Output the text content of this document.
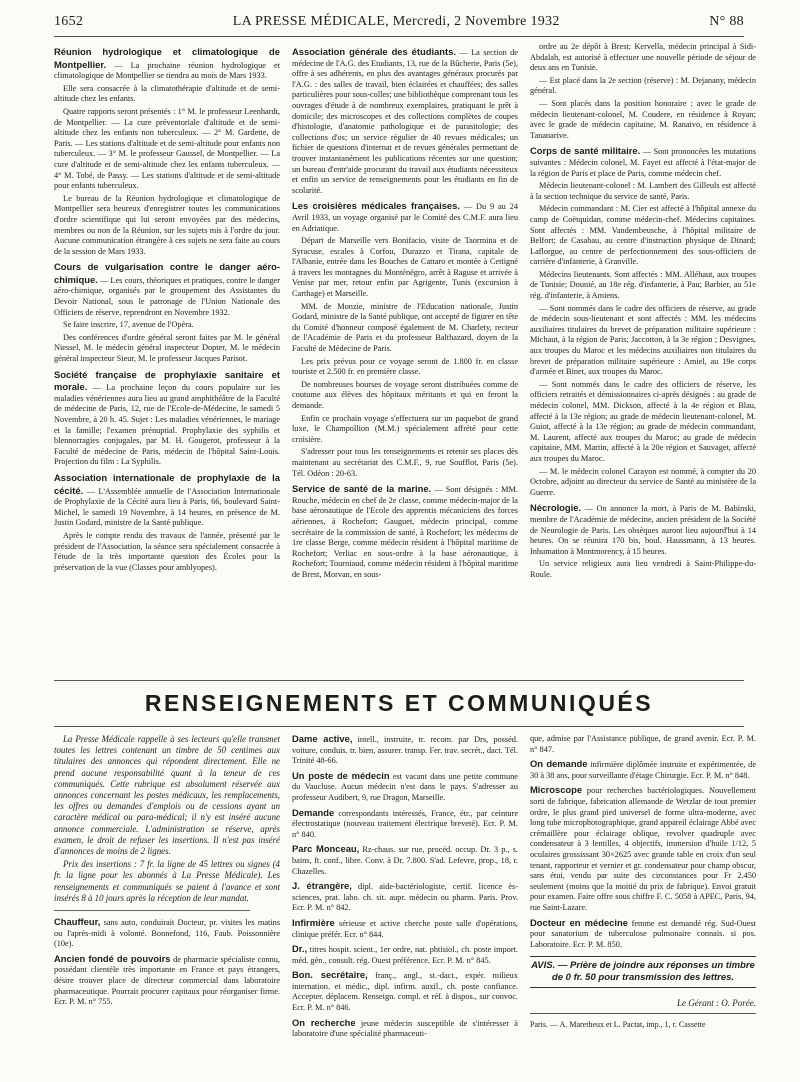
1652	LA PRESSE MÉDICALE, Mercredi, 2 Novembre 1932	N° 88

Réunion hydrologique et climatologique de Montpellier. — La prochaine réunion hydrologique et climatologique de Montpellier se tiendra au mois de Mars 1933.

Elle sera consacrée à la climatothérapie d'altitude et de semi-altitude chez les enfants.

Quatre rapports seront présentés : 1° M. le professeur Leenhardt, de Montpellier. — La cure préventoriale d'altitude et de semi-altitude chez les enfants non tuberculeux. — 2° M. Gardette, de Paris. — Les stations d'altitude et de semi-altitude pour enfants non tuberculeux. — 3° M. le professeur Gaussel, de Montpellier. — La cure d'altitude et de semi-altitude chez les enfants tuberculeux. — 4° M. Tobé, de Passy. — Les stations d'altitude et de semi-altitude pour enfants tuberculeux.

Le bureau de la Réunion hydrologique et climatologique de Montpellier sera heureux d'enregistrer toutes les communications d'ordre scientifique qui lui seront envoyées par des médecins, membres ou non de la Réunion, sur les sujets mis à l'ordre du jour. Aucune communication étrangère à ces sujets ne sera faite au cours de la session de Mars 1933.

Cours de vulgarisation contre le danger aéro-chimique. — Les cours, théoriques et pratiques, contre le danger aéro-chimique, organisés par le groupement des Assistantes du Devoir National, sous le patronage de l'Union Nationale des Officiers de réserve, reprendront en Novembre 1932.

Se faire inscrire, 17, avenue de l'Opéra.

Des conférences d'ordre général seront faites par M. le général Niessel, M. le médecin général inspecteur Dopter, M. le médecin général inspecteur Sieur, M. le professeur Jacques Parisot.

Société française de prophylaxie sanitaire et morale. — La prochaine leçon du cours populaire sur les maladies vénériennes aura lieu au grand amphithéâtre de la Faculté de médecine de Paris, 12, rue de l'Ecole-de-Médecine, le samedi 5 Novembre, à 20 h. 45. Sujet : Les maladies vénériennes, le mariage et la famille; l'examen prénuptial. Prophylaxie des syphilis et blennorragies conjugales, par M. H. Gougerot, professeur à la Faculté de médecine de Paris, médecin de l'hôpital Saint-Louis. Projection du film : La Syphilis.

Association internationale de prophylaxie de la cécité. — L'Assemblée annuelle de l'Association Internationale de Prophylaxie de la Cécité aura lieu à Paris, 66, boulevard Saint-Michel, le samedi 19 Novembre, à 14 heures, en présence de M. Justin Godard, ministre de la Santé publique.

Après le compte rendu des travaux de l'année, présenté par le président de l'Association, la séance sera spécialement consacrée à l'étude de la très importante question des Écoles pour la préservation de la vue (Classes pour amblyopes).

Association générale des étudiants. — La section de médecine de l'A.G. des Etudiants, 13, rue de la Bûcherie, Paris (5e), offre à ses adhérents, en plus des avantages généraux procurés par l'A.G. : des salles de travail, bien éclairées et chauffées; des salles particulières pour sous-colles; une bibliothèque comprenant tous les ouvrages d'étude à de nombreux exemplaires, pratiquant le prêt à domicile; des microscopes et des collections complètes de coupes d'histologie, d'anatomie pathologique et de parasitologie; des collections d'os; un service régulier de 40 revues médicales; un fichier de questions d'internat et de revues générales permettant de trouver instantanément les publications récentes sur une question; un bureau d'entr'aide procurant du travail aux étudiants nécessiteux et enfin un service de renseignements pour les étudiants en fin de scolarité.

Les croisières médicales françaises. — Du 9 au 24 Avril 1933, un voyage organisé par le Comité des C.M.F. aura lieu en Adriatique.

Départ de Marseille vers Bonifacio, visite de Taormina et de Syracuse, escales à Corfou, Durazzo et Tirana, capitale de l'Albanie, entrée dans les Bouches de Cattaro et montée à Cettigné à travers les montagnes du Monténégro, arrêt à Raguse et arrivée à Venise par mer, retour enfin par Agrigente, Tunis (excursion à Carthage) et Marseille.

MM. de Monzie, ministre de l'Education nationale, Justin Godard, ministre de la Santé publique, ont accepté de figurer en tête du Comité d'honneur composé également de M. Charlety, recteur de l'Académie de Paris et du professeur Balthazard, doyen de la Faculté de Médecine de Paris.

Les prix prévus pour ce voyage seront de 1.800 fr. en classe touriste et 2.500 fr. en première classe.

De nombreuses bourses de voyage seront distribuées comme de coutume aux élèves des hôpitaux méritants et qui en feront la demande.

Enfin ce prochain voyage s'effectuera sur un paquebot de grand luxe, le Champollion (M.M.) spécialement affrété pour cette croisière.

S'adresser pour tous les renseignements et retenir ses places dès maintenant au secrétariat des C.M.F., 9, rue Soufflot, Paris (5e). Tél. Odéon : 20-63.

Service de santé de la marine. — Sont désignés : MM. Rouche, médecin en chef de 2e classe, comme médecin-major de la base aéronautique de l'Ecole des apprentis mécaniciens des forces aériennes, à Rochefort; Gauguet, médecin principal, comme secrétaire de la commission de santé, à Rochefort; les médecins de 1re classe Berge, comme médecin résident à l'hôpital maritime de Rochefort; Verliac en sous-ordre à la base aéronautique, à Rochefort; Tourniaud, comme médecin résident à l'hôpital maritime de Brest, Morvan, en sous-

ordre au 2e dépôt à Brest; Kervella, médecin principal à Sidi-Abdalah, est autorisé à effectuer une nouvelle période de séjour de deux ans en Tunisie.

— Est placé dans la 2e section (réserve) : M. Dejanany, médecin général.

— Sont placés dans la position honoraire : avec le grade de médecin lieutenant-colonel, M. Coudere, en résidence à Royan; avec le grade de médecin capitaine, M. Ranaivo, en résidence à Tananarive.

Corps de santé militaire. — Sont prononcées les mutations suivantes : Médecin colonel, M. Fayet est affecté à l'état-major de la région de Paris et place de Paris, comme médecin chef.

Médecin lieutenant-colonel : M. Lambert des Gilleuls est affecté à la section technique du service de santé, Paris.

Médecin commandant : M. Cier est affecté à l'hôpital annexe du camp de Coëtquidan, comme médecin-chef. Médecins capitaines. Sont affectés : MM. Vandembeusche, à l'hôpital militaire de Belfort; de Casabau, au centre d'instruction physique de Dinard; Laflorgue, au centre de perfectionnement des sous-officiers de carrière d'infanterie, à Granville.

Médecins lieutenants. Sont affectés : MM. Alléhaut, aux troupes de Tunisie; Dounié, au 18e rég. d'infanterie, à Pau; Barbier, au 51e rég. d'infanterie, à Amiens.

— Sont nommés dans le cadre des officiers de réserve, au grade de médecin sous-lieutenant et sont affectés : MM. les médecins auxiliaires titulaires du brevet de préparation militaire supérieure : Michaut, à la région de Paris; Jaccotton, à la 3e région ; Desvignes, aux troupes du Maroc et les médecins auxiliaires non titulaires du brevet de préparation militaire supérieure : Amiel, au 19e corps d'armée et Binet, aux troupes du Maroc.

— Sont nommés dans le cadre des officiers de réserve, les officiers retraités et démissionnaires ci-après désignés : au grade de médecin colonel, MM. Dickson, affecté à la 4e région et Blau, affecté à la 13e région; au grade de médecin lieutenant-colonel, M. Guiot, affecté à la 13e région; au grade de médecin commandant, M. Laurent, affecté aux troupes du Maroc; au grade de médecin capitaine, MM. Martin, affecté à la 20e région et Sauvaget, affecté aux troupes du Maroc.

— M. le médecin colonel Carayon est nommé, à compter du 20 Octobre, adjoint au directeur du service de Santé au ministère de la Guerre.

Nécrologie. — On annonce la mort, à Paris de M. Babinski, membre de l'Académie de médecine, ancien président de la Société de Neurologie de Paris. Les obsèques auront lieu aujourd'hui à 14 heures. On se réunira 170 bis, boul. Haussmann, à 13 heures. Inhumation à Montmorency, à 15 heures.

Un service religieux aura lieu vendredi à Saint-Philippe-du-Roule.

RENSEIGNEMENTS ET COMMUNIQUÉS

La Presse Médicale rappelle à ses lecteurs qu'elle transmet toutes les lettres contenant un timbre de 50 centimes aux titulaires des annonces qui répondent directement. Elle ne prend aucune responsabilité quant à la teneur de ces communiqués. Cette rubrique est absolument réservée aux annonces concernant les postes médicaux, les remplacements, les offres ou demandes d'emplois ou de cessions ayant un caractère médical ou para-médical; il n'y est inséré aucune annonce commerciale. L'administration se réserve, après examen, le droit de refuser les insertions. Il n'est pas inséré d'annonces de moins de 2 lignes.

Prix des insertions : 7 fr. la ligne de 45 lettres ou signes (4 fr. la ligne pour les abonnés à La Presse Médicale). Les renseignements et communiqués se paient à l'avance et sont insérés 8 à 10 jours après la réception de leur mandat.

Chauffeur, sans auto, conduirait Docteur, pr. visites les matins ou l'après-midi à volonté. Bonnefond, 116, Faub. Poissonnière (10e).

Ancien fondé de pouvoirs de pharmacie spécialiste connu, possédant clientèle très importante en France et pays étrangers, désire trouver place de directeur commercial dans laboratoire pharmaceutique. Pourrait procurer capitaux pour réorganiser firme. Ecr. P. M. n° 755.

Dame active, intell., instruite, tr. recom. par Drs, posséd. voiture, conduis. tr. bien, assurer. transp. Fer. trav. secrét., dact. Tél. Trinité 48-66.

Un poste de médecin est vacant dans une petite commune du Vaucluse. Aucun médecin n'est dans le pays. S'adresser au professeur Audibert, 9, rue Dragon, Marseille.

Demande correspondants intéressés, France, étr., par ceinture électrostatique (nouveau traitement électrique breveté). Ecr. P. M. n° 840.

Parc Monceau, Rz-chaus. sur rue, procéd. occup. Dr. 3 p., s. bains, ft. conf., libre. Conv. à Dr. 7.800. S'ad. Lefevre, prop., 18, r. Chazelles.

J. étrangère, dipl. aide-bactériologiste, certif. licence ès-sciences, prat. labo. ch. sit. aupr. médecin ou pharm. Paris. Prov. Ecr. P. M. n° 842.

Infirmière sérieuse et active cherche poste salle d'opérations, clinique préfér. Ecr. n° 844.

Dr., titres hospit. scient., 1er ordre, nat. phtisiol., ch. poste import. méd. gén., consult. rég. Ouest préférence. Ecr. P. M. n° 845.

Bon. secrétaire, franç., angl., st.-dact., expér. milieux internation. et médic., dipl. infirm. auxil., ch. poste confiance. Accepter. déplacem. Renseign. compl. et réf. à dispos., sur convoc. Ecr. P. M. n° 846.

On recherche jeune médecin susceptible de s'intéresser à laboratoire d'une spécialité pharmaceuti-

que, admise par l'Assistance publique, de grand avenir. Ecr. P. M. n° 847.

On demande infirmière diplômée instruite et expérimentée, de 30 à 38 ans, pour surveillante d'étage Chirurgie. Ecr. P. M. n° 848.

Microscope pour recherches bactériologiques. Nouvellement sorti de fabrique, fabrication allemande de Wetzlar de tout premier ordre, le plus grand pied universel de forme ultra-moderne, avec long tube microphotographique, grand appareil éclairage Abbé avec crémaillère pour éclairage oblique, revolver quadruple avec condensateur à 3 lentilles, 4 objectifs, immersion d'huile 1/12, 5 oculaires grossissant 30×2625 avec grande table en croix d'un seul tenant, rapporteur et vernier et gr. condensateur pour champ obscur, sans étui, vendu par suite des circonstances pour Fr 2.450 seulement (moins que la moitié du prix de fabrique). Envoi gratuit pour examen. Faire offre sous chiffre F. C. 5058 à APEC, Paris, 94, rue Saint-Lazare.

Docteur en médecine femme est demandé rég. Sud-Ouest pour sanatorium de tuberculose pulmonaire connais. si pos. Laboratoire. Ecr. P. M. 850.

AVIS. — Prière de joindre aux réponses un timbre de 0 fr. 50 pour transmission des lettres.
Le Gérant : O. Porée.
Paris. — A. Maretheux et L. Pactat, imp., 1, r. Cassette
